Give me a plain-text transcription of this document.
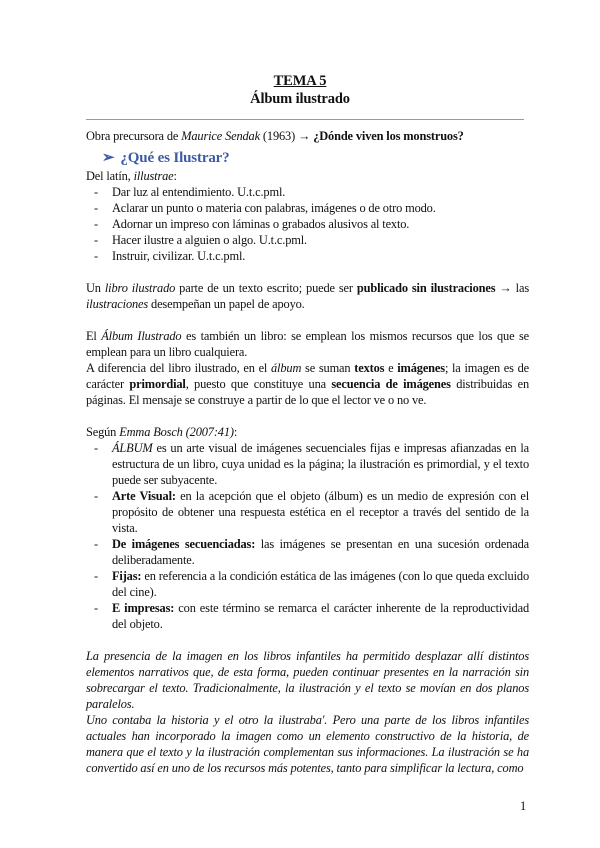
TEMA 5
Álbum ilustrado

Obra precursora de Maurice Sendak (1963) → ¿Dónde viven los monstruos?

➢ ¿Qué es Ilustrar?

Del latín, illustrae:

- Dar luz al entendimiento. U.t.c.pml.
- Aclarar un punto o materia con palabras, imágenes o de otro modo.
- Adornar un impreso con láminas o grabados alusivos al texto.
- Hacer ilustre a alguien o algo. U.t.c.pml.
- Instruir, civilizar. U.t.c.pml.

Un libro ilustrado parte de un texto escrito; puede ser publicado sin ilustraciones → las ilustraciones desempeñan un papel de apoyo.

El Álbum Ilustrado es también un libro: se emplean los mismos recursos que los que se emplean para un libro cualquiera.

A diferencia del libro ilustrado, en el álbum se suman textos e imágenes; la imagen es de carácter primordial, puesto que constituye una secuencia de imágenes distribuidas en páginas. El mensaje se construye a partir de lo que el lector ve o no ve.

Según Emma Bosch (2007:41):

- ÁLBUM es un arte visual de imágenes secuenciales fijas e impresas afianzadas en la estructura de un libro, cuya unidad es la página; la ilustración es primordial, y el texto puede ser subyacente.
- Arte Visual: en la acepción que el objeto (álbum) es un medio de expresión con el propósito de obtener una respuesta estética en el receptor a través del sentido de la vista.
- De imágenes secuenciadas: las imágenes se presentan en una sucesión ordenada deliberadamente.
- Fijas: en referencia a la condición estática de las imágenes (con lo que queda excluido del cine).
- E impresas: con este término se remarca el carácter inherente de la reproductividad del objeto.

La presencia de la imagen en los libros infantiles ha permitido desplazar allí distintos elementos narrativos que, de esta forma, pueden continuar presentes en la narración sin sobrecargar el texto. Tradicionalmente, la ilustración y el texto se movían en dos planos paralelos.

Uno contaba la historia y el otro la ilustraba'. Pero una parte de los libros infantiles actuales han incorporado la imagen como un elemento constructivo de la historia, de manera que el texto y la ilustración complementan sus informaciones. La ilustración se ha convertido así en uno de los recursos más potentes, tanto para simplificar la lectura, como

1
